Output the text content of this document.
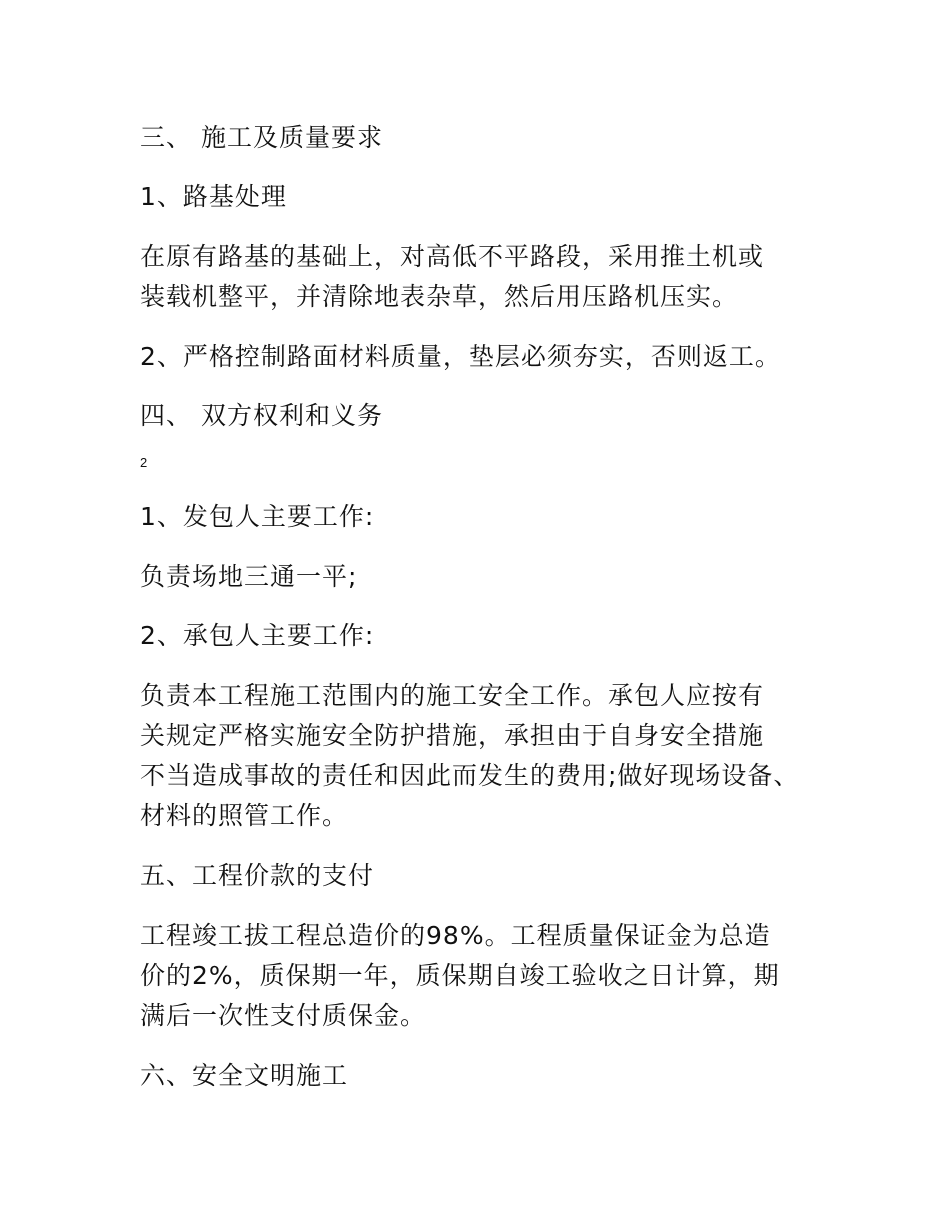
三、 施工及质量要求
1、路基处理
在原有路基的基础上，对高低不平路段，采用推土机或
装载机整平，并清除地表杂草，然后用压路机压实。
2、严格控制路面材料质量，垫层必须夯实，否则返工。
四、 双方权利和义务
2
1、发包人主要工作:
负责场地三通一平;
2、承包人主要工作:
负责本工程施工范围内的施工安全工作。承包人应按有
关规定严格实施安全防护措施，承担由于自身安全措施
不当造成事故的责任和因此而发生的费用;做好现场设备、
材料的照管工作。
五、工程价款的支付
工程竣工拔工程总造价的98%。工程质量保证金为总造
价的2%，质保期一年，质保期自竣工验收之日计算，期
满后一次性支付质保金。
六、安全文明施工
